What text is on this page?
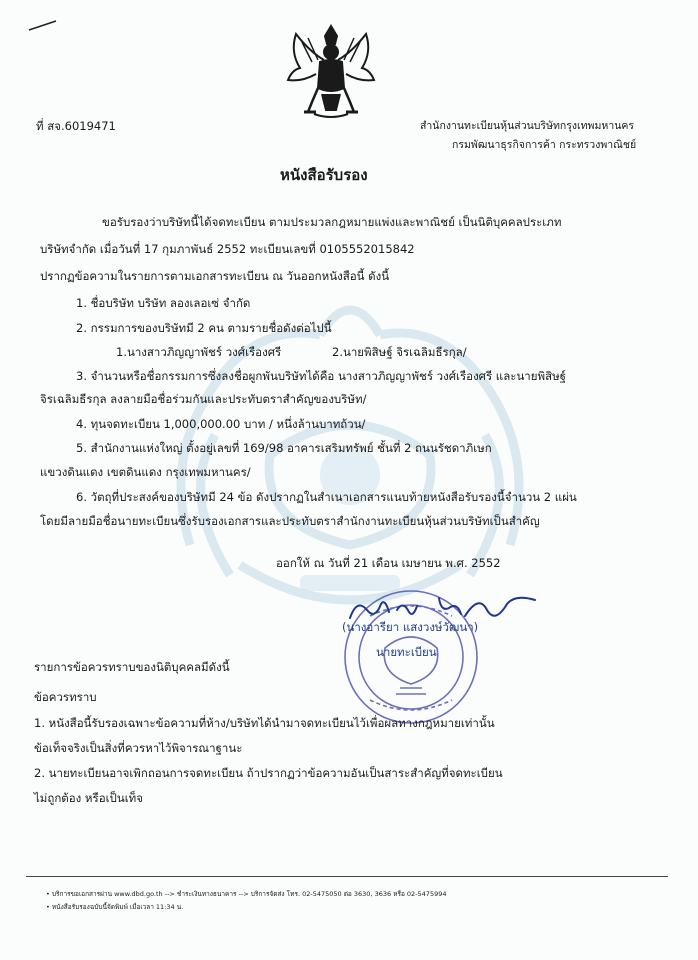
ที่ สจ.6019471	สำนักงานทะเบียนหุ้นส่วนบริษัทกรุงเทพมหานคร
กรมพัฒนาธุรกิจการค้า กระทรวงพาณิชย์
หนังสือรับรอง
ขอรับรองว่าบริษัทนี้ได้จดทะเบียน ตามประมวลกฎหมายแพ่งและพาณิชย์ เป็นนิติบุคคลประเภท
บริษัทจำกัด เมื่อวันที่ 17 กุมภาพันธ์ 2552 ทะเบียนเลขที่ 0105552015842
ปรากฏข้อความในรายการตามเอกสารทะเบียน ณ วันออกหนังสือนี้ ดังนี้
1. ชื่อบริษัท บริษัท ลองเลอเซ่ จำกัด
2. กรรมการของบริษัทมี 2 คน ตามรายชื่อดังต่อไปนี้
1.นางสาวภิญญาพัชร์ วงศ์เรืองศรี	2.นายพิสิษฐ์ จิรเฉลิมธีรกุล/
3. จำนวนหรือชื่อกรรมการซึ่งลงชื่อผูกพันบริษัทได้คือ นางสาวภิญญาพัชร์ วงศ์เรืองศรี และนายพิสิษฐ์
จิรเฉลิมธีรกุล ลงลายมือชื่อร่วมกันและประทับตราสำคัญของบริษัท/
4. ทุนจดทะเบียน 1,000,000.00 บาท / หนึ่งล้านบาทถ้วน/
5. สำนักงานแห่งใหญ่ ตั้งอยู่เลขที่ 169/98 อาคารเสริมทรัพย์ ชั้นที่ 2 ถนนรัชดาภิเษก
แขวงดินแดง เขตดินแดง กรุงเทพมหานคร/
6. วัตถุที่ประสงค์ของบริษัทมี 24 ข้อ ดังปรากฏในสำเนาเอกสารแนบท้ายหนังสือรับรองนี้จำนวน 2 แผ่น
โดยมีลายมือชื่อนายทะเบียนซึ่งรับรองเอกสารและประทับตราสำนักงานทะเบียนหุ้นส่วนบริษัทเป็นสำคัญ
ออกให้ ณ วันที่ 21 เดือน เมษายน พ.ศ. 2552
(นางอารียา แสงวงษ์วัฒนา)
นายทะเบียน
รายการข้อควรทราบของนิติบุคคลมีดังนี้
ข้อควรทราบ
1. หนังสือนี้รับรองเฉพาะข้อความที่ห้าง/บริษัทได้นำมาจดทะเบียนไว้เพื่อผลทางกฎหมายเท่านั้น
ข้อเท็จจริงเป็นสิ่งที่ควรหาไว้พิจารณาฐานะ
2. นายทะเบียนอาจเพิกถอนการจดทะเบียน ถ้าปรากฏว่าข้อความอันเป็นสาระสำคัญที่จดทะเบียน
ไม่ถูกต้อง หรือเป็นเท็จ
• บริการขอเอกสารผ่าน www.dbd.go.th --> ชำระเงินทางธนาคาร --> บริการจัดส่ง โทร. 02-5475050 ต่อ 3630, 3636 หรือ 02-5475994
• หนังสือรับรองฉบับนี้จัดพิมพ์ เมื่อเวลา 11:34 น.
